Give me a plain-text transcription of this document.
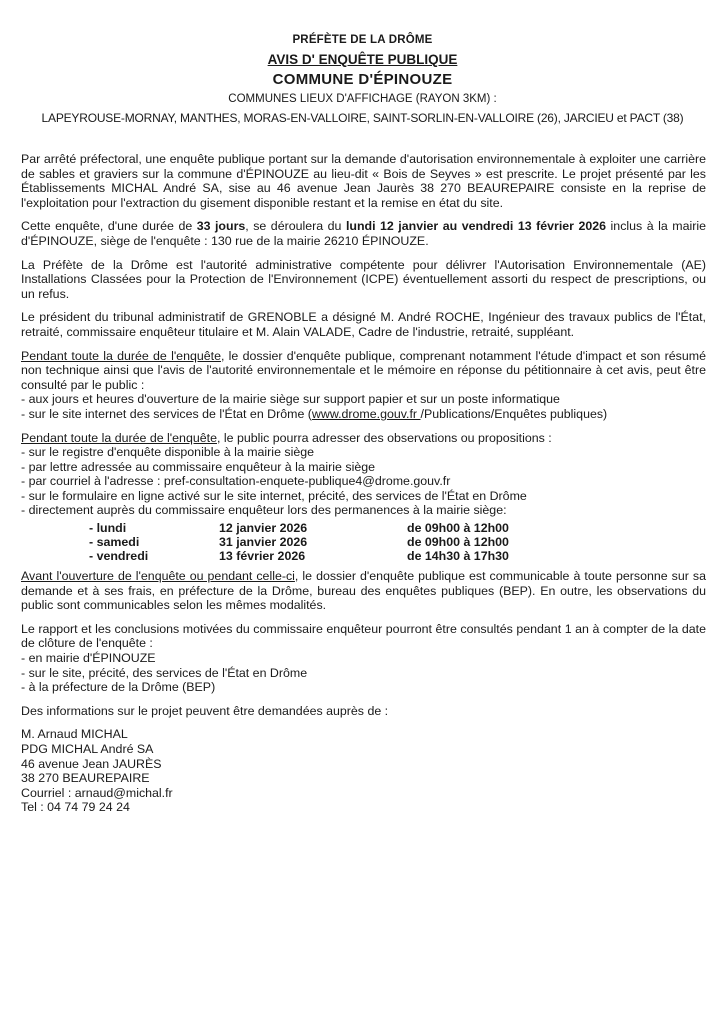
PRÉFÈTE DE LA DRÔME
AVIS D' ENQUÊTE PUBLIQUE
COMMUNE D'ÉPINOUZE
COMMUNES LIEUX D'AFFICHAGE (RAYON 3KM) :
LAPEYROUSE-MORNAY, MANTHES, MORAS-EN-VALLOIRE, SAINT-SORLIN-EN-VALLOIRE (26), JARCIEU et PACT (38)

Par arrêté préfectoral, une enquête publique portant sur la demande d'autorisation environnementale à exploiter une carrière de sables et graviers sur la commune d'ÉPINOUZE au lieu-dit « Bois de Seyves » est prescrite. Le projet présenté par les Établissements MICHAL André SA, sise au 46 avenue Jean Jaurès 38 270 BEAUREPAIRE consiste en la reprise de l'exploitation pour l'extraction du gisement disponible restant et la remise en état du site.

Cette enquête, d'une durée de 33 jours, se déroulera du lundi 12 janvier au vendredi 13 février 2026 inclus à la mairie d'ÉPINOUZE, siège de l'enquête : 130 rue de la mairie 26210 ÉPINOUZE.

La Préfète de la Drôme est l'autorité administrative compétente pour délivrer l'Autorisation Environnementale (AE) Installations Classées pour la Protection de l'Environnement (ICPE) éventuellement assorti du respect de prescriptions, ou un refus.

Le président du tribunal administratif de GRENOBLE a désigné M. André ROCHE, Ingénieur des travaux publics de l'État, retraité, commissaire enquêteur titulaire et M. Alain VALADE, Cadre de l'industrie, retraité, suppléant.

Pendant toute la durée de l'enquête, le dossier d'enquête publique, comprenant notamment l'étude d'impact et son résumé non technique ainsi que l'avis de l'autorité environnementale et le mémoire en réponse du pétitionnaire à cet avis, peut être consulté par le public :

- aux jours et heures d'ouverture de la mairie siège sur support papier et sur un poste informatique
- sur le site internet des services de l'État en Drôme (www.drome.gouv.fr /Publications/Enquêtes publiques)

Pendant toute la durée de l'enquête, le public pourra adresser des observations ou propositions :

- sur le registre d'enquête disponible à la mairie siège
- par lettre adressée au commissaire enquêteur à la mairie siège
- par courriel à l'adresse : pref-consultation-enquete-publique4@drome.gouv.fr
- sur le formulaire en ligne activé sur le site internet, précité, des services de l'État en Drôme
- directement auprès du commissaire enquêteur lors des permanences à la mairie siège:
- lundi	12 janvier 2026	de 09h00 à 12h00
- samedi	31 janvier 2026	de 09h00 à 12h00
- vendredi	13 février 2026	de 14h30 à 17h30

Avant l'ouverture de l'enquête ou pendant celle-ci, le dossier d'enquête publique est communicable à toute personne sur sa demande et à ses frais, en préfecture de la Drôme, bureau des enquêtes publiques (BEP). En outre, les observations du public sont communicables selon les mêmes modalités.

Le rapport et les conclusions motivées du commissaire enquêteur pourront être consultés pendant 1 an à compter de la date de clôture de l'enquête :

- en mairie d'ÉPINOUZE
- sur le site, précité, des services de l'État en Drôme
- à la préfecture de la Drôme (BEP)

Des informations sur le projet peuvent être demandées auprès de :

M. Arnaud MICHAL
PDG MICHAL André SA
46 avenue Jean JAURÈS
38 270 BEAUREPAIRE
Courriel : arnaud@michal.fr
Tel : 04 74 79 24 24
